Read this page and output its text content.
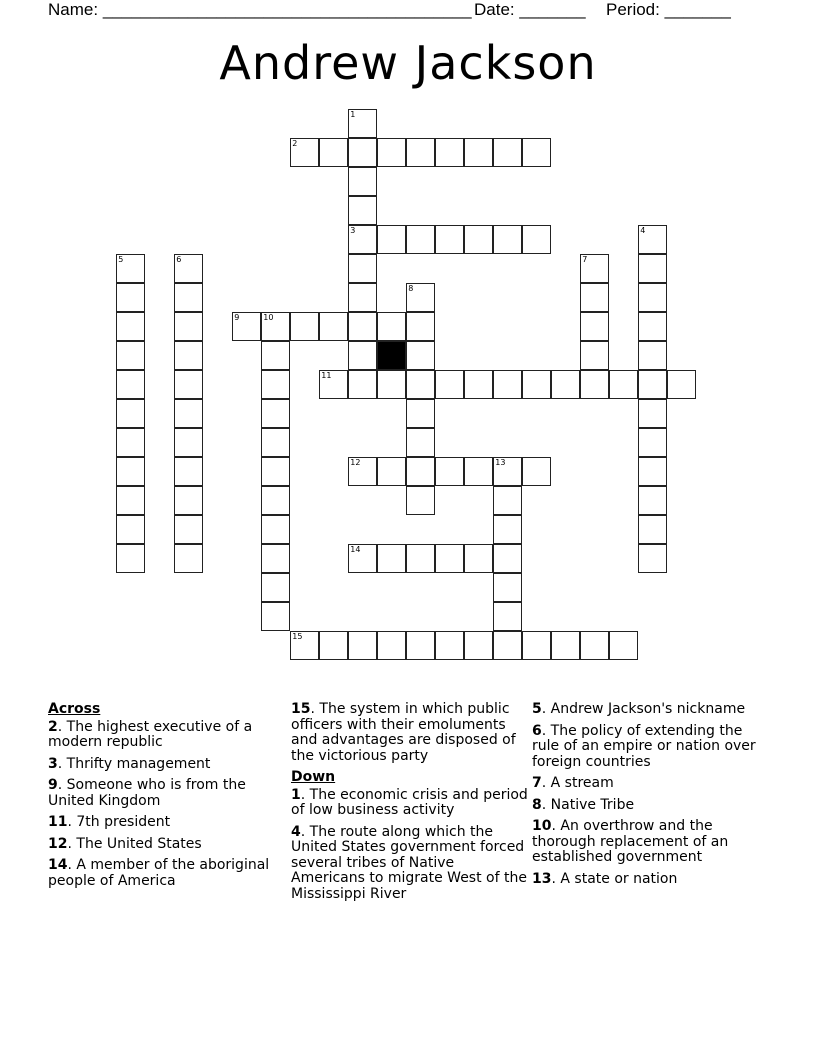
Name: _______________________________________ Date: _______ Period: _______
Andrew Jackson
1
3
2
4
5	6	7
8
9	10
11
12	13
14
15
Across
2. The highest executive of a modern republic
3. Thrifty management
9. Someone who is from the United Kingdom
11. 7th president
12. The United States
14. A member of the aboriginal people of America
15. The system in which public officers with their emoluments and advantages are disposed of the victorious party
Down
1. The economic crisis and period of low business activity
4. The route along which the United States government forced several tribes of Native Americans to migrate West of the Mississippi River
5. Andrew Jackson's nickname
6. The policy of extending the rule of an empire or nation over foreign countries
7. A stream
8. Native Tribe
10. An overthrow and the thorough replacement of an established government
13. A state or nation
